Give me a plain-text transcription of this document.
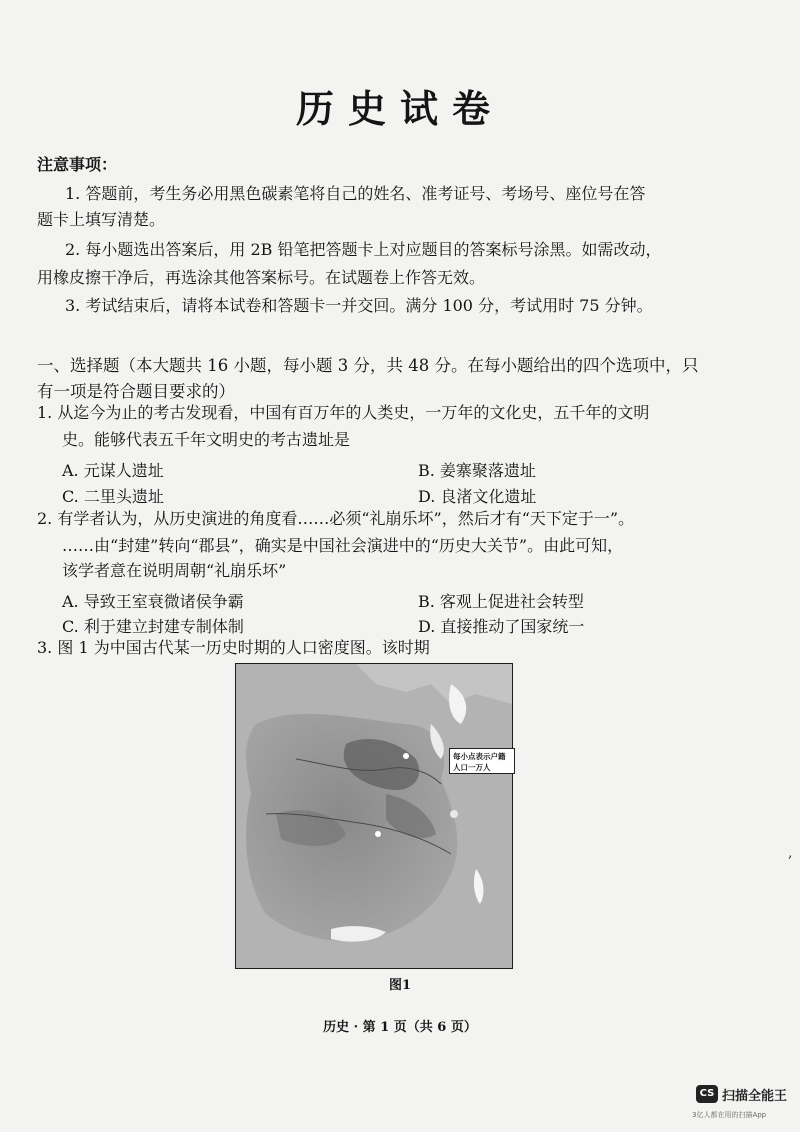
历史试卷
注意事项：
1. 答题前，考生务必用黑色碳素笔将自己的姓名、准考证号、考场号、座位号在答
题卡上填写清楚。
2. 每小题选出答案后，用 2B 铅笔把答题卡上对应题目的答案标号涂黑。如需改动，
用橡皮擦干净后，再选涂其他答案标号。在试题卷上作答无效。
3. 考试结束后，请将本试卷和答题卡一并交回。满分 100 分，考试用时 75 分钟。
一、选择题（本大题共 16 小题，每小题 3 分，共 48 分。在每小题给出的四个选项中，只
有一项是符合题目要求的）
1. 从迄今为止的考古发现看，中国有百万年的人类史，一万年的文化史，五千年的文明
史。能够代表五千年文明史的考古遗址是
A. 元谋人遗址	B. 姜寨聚落遗址
C. 二里头遗址	D. 良渚文化遗址
2. 有学者认为，从历史演进的角度看……必须“礼崩乐坏”，然后才有“天下定于一”。
……由“封建”转向“郡县”，确实是中国社会演进中的“历史大关节”。由此可知，
该学者意在说明周朝“礼崩乐坏”
A. 导致王室衰微诸侯争霸	B. 客观上促进社会转型
C. 利于建立封建专制体制	D. 直接推动了国家统一
3. 图 1 为中国古代某一历史时期的人口密度图。该时期
每小点表示户籍人口一万人
图1
历史 · 第 1 页（共 6 页）
,
CS 扫描全能王
3亿人都在用的扫描App
